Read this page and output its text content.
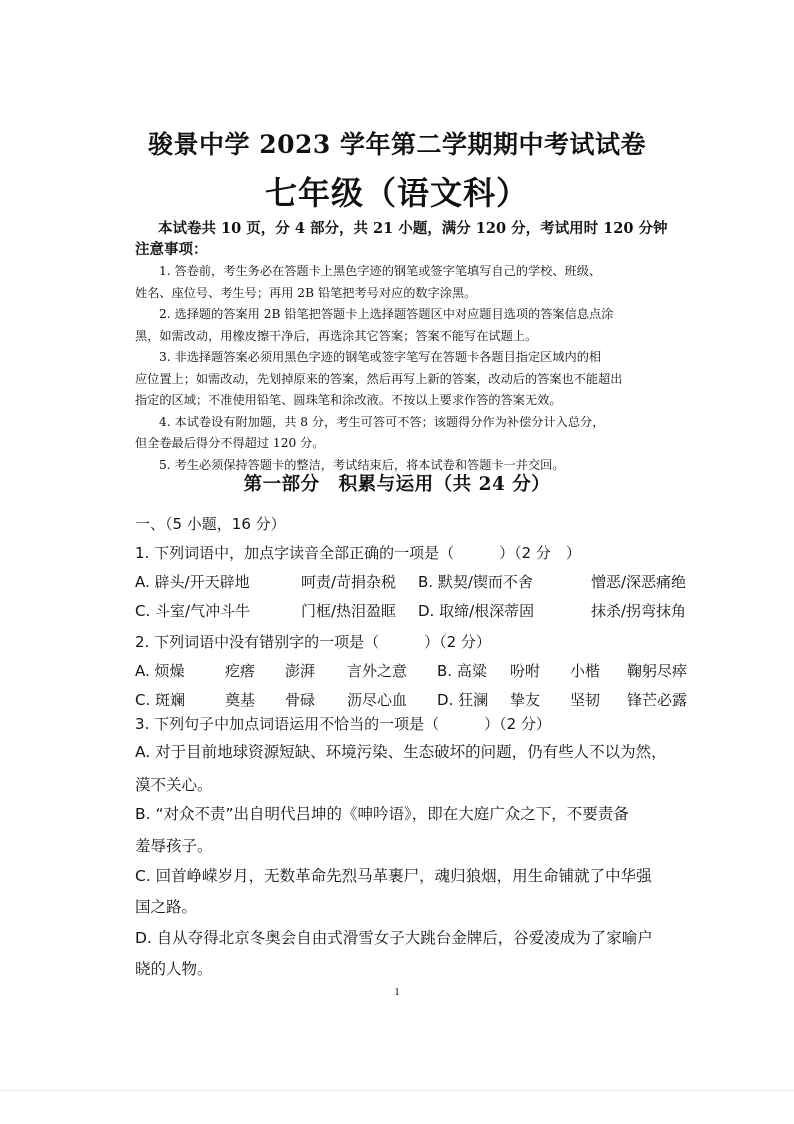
骏景中学 2023 学年第二学期期中考试试卷
七年级（语文科）
本试卷共 10 页，分 4 部分，共 21 小题，满分 120 分，考试用时 120 分钟
注意事项：
1. 答卷前，考生务必在答题卡上黑色字迹的钢笔或签字笔填写自己的学校、班级、
姓名、座位号、考生号；再用 2B 铅笔把考号对应的数字涂黑。
2. 选择题的答案用 2B 铅笔把答题卡上选择题答题区中对应题目选项的答案信息点涂
黑，如需改动，用橡皮擦干净后，再选涂其它答案；答案不能写在试题上。
3. 非选择题答案必须用黑色字迹的钢笔或签字笔写在答题卡各题目指定区域内的相
应位置上；如需改动，先划掉原来的答案，然后再写上新的答案，改动后的答案也不能超出
指定的区域；不准使用铅笔、圆珠笔和涂改液。不按以上要求作答的答案无效。
4. 本试卷设有附加题，共 8 分，考生可答可不答；该题得分作为补偿分计入总分，
但全卷最后得分不得超过 120 分。
5. 考生必须保持答题卡的整洁，考试结束后，将本试卷和答题卡一并交回。
第一部分　积累与运用（共 24 分）
一、（5 小题，16 分）
1. 下列词语中，加点字读音全部正确的一项是（　　　）（2 分　）
A. 辟头/开天辟地	呵责/苛捐杂税 B. 默契/锲而不舍	憎恶/深恶痛绝
C. 斗室/气冲斗牛	门框/热泪盈眶 D. 取缔/根深蒂固	抹杀/拐弯抹角
2. 下列词语中没有错别字的一项是（　　　）（2 分）
A. 烦燥	疙瘩 澎湃 言外之意 B. 高粱 吩咐 小楷 鞠躬尽瘁
C. 斑斓	奠基 骨碌 沥尽心血 D. 狂澜 挚友 坚韧 锋芒必露
3. 下列句子中加点词语运用不恰当的一项是（　　　）（2 分）
A. 对于目前地球资源短缺、环境污染、生态破坏的问题，仍有些人不以为然，
漠不关心。
B. “对众不责”出自明代吕坤的《呻吟语》，即在大庭广众之下，不要责备
羞辱孩子。
C. 回首峥嵘岁月，无数革命先烈马革裹尸，魂归狼烟，用生命铺就了中华强
国之路。
D. 自从夺得北京冬奥会自由式滑雪女子大跳台金牌后，谷爱凌成为了家喻户
晓的人物。
1
